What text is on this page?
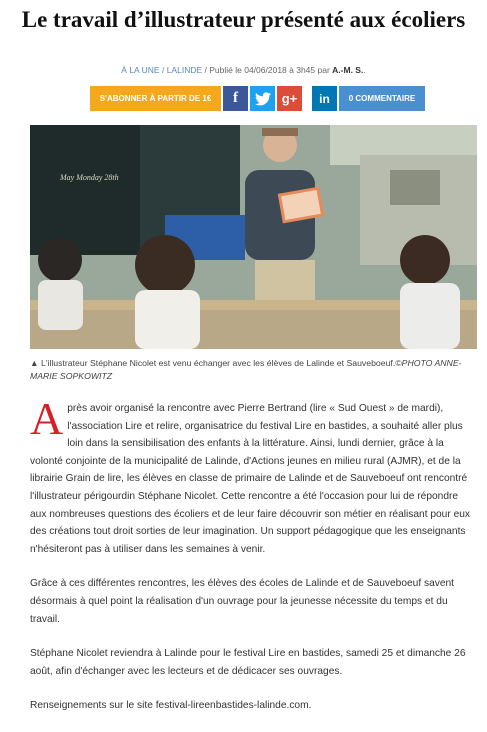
Le travail d’illustrateur présenté aux écoliers
À LA UNE / LALINDE / Publié le 04/06/2018 à 3h45 par A.-M. S..
S'ABONNER À PARTIR DE 1€	f	g+ in	0 COMMENTAIRE
May Monday 28th
▲ L'illustrateur Stéphane Nicolet est venu échanger avec les élèves de Lalinde et Sauveboeuf.©PHOTO ANNE-MARIE SOPKOWITZ

Après avoir organisé la rencontre avec Pierre Bertrand (lire « Sud Ouest » de mardi), l'association Lire et relire, organisatrice du festival Lire en bastides, a souhaité aller plus loin dans la sensibilisation des enfants à la littérature. Ainsi, lundi dernier, grâce à la volonté conjointe de la municipalité de Lalinde, d'Actions jeunes en milieu rural (AJMR), et de la librairie Grain de lire, les élèves en classe de primaire de Lalinde et de Sauveboeuf ont rencontré l'illustrateur périgourdin Stéphane Nicolet. Cette rencontre a été l'occasion pour lui de répondre aux nombreuses questions des écoliers et de leur faire découvrir son métier en réalisant pour eux des créations tout droit sorties de leur imagination. Un support pédagogique que les enseignants n'hésiteront pas à utiliser dans les semaines à venir.

Grâce à ces différentes rencontres, les élèves des écoles de Lalinde et de Sauveboeuf savent désormais à quel point la réalisation d'un ouvrage pour la jeunesse nécessite du temps et du travail.

Stéphane Nicolet reviendra à Lalinde pour le festival Lire en bastides, samedi 25 et dimanche 26 août, afin d'échanger avec les lecteurs et de dédicacer ses ouvrages.

Renseignements sur le site festival-lireenbastides-lalinde.com.
